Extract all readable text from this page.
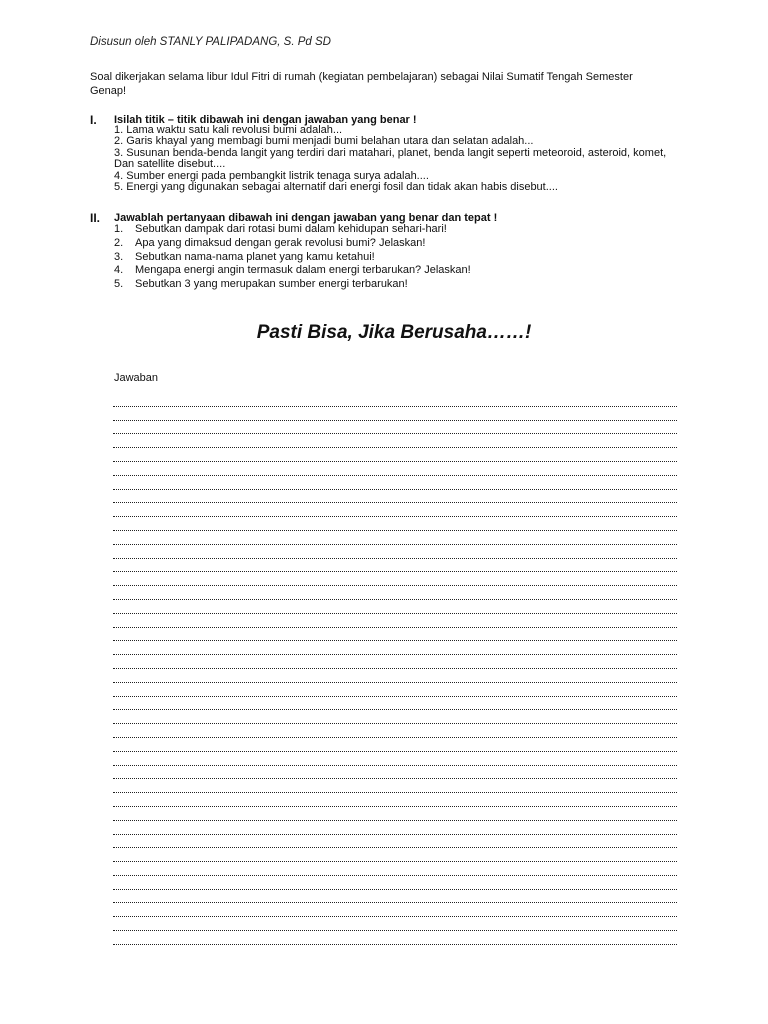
Disusun oleh STANLY PALIPADANG, S. Pd SD
Soal dikerjakan selama libur Idul Fitri di rumah (kegiatan pembelajaran) sebagai Nilai Sumatif Tengah Semester Genap!
I. Isilah titik – titik dibawah ini dengan jawaban yang benar !
1. Lama waktu satu kali revolusi bumi adalah...
2. Garis khayal yang membagi bumi menjadi bumi belahan utara dan selatan adalah...
3. Susunan benda-benda langit yang terdiri dari matahari, planet, benda langit seperti meteoroid, asteroid, komet, Dan satellite disebut....
4. Sumber energi pada pembangkit listrik tenaga surya adalah....
5. Energi yang digunakan sebagai alternatif dari energi fosil dan tidak akan habis disebut....
II. Jawablah pertanyaan dibawah ini dengan jawaban yang benar dan tepat !
1.	Sebutkan dampak dari rotasi bumi dalam kehidupan sehari-hari!
2.	Apa yang dimaksud dengan gerak revolusi bumi? Jelaskan!
3.	Sebutkan nama-nama planet yang kamu ketahui!
4.	Mengapa energi angin termasuk dalam energi terbarukan? Jelaskan!
5.	Sebutkan 3 yang merupakan sumber energi terbarukan!
Pasti Bisa, Jika Berusaha……!
Jawaban
